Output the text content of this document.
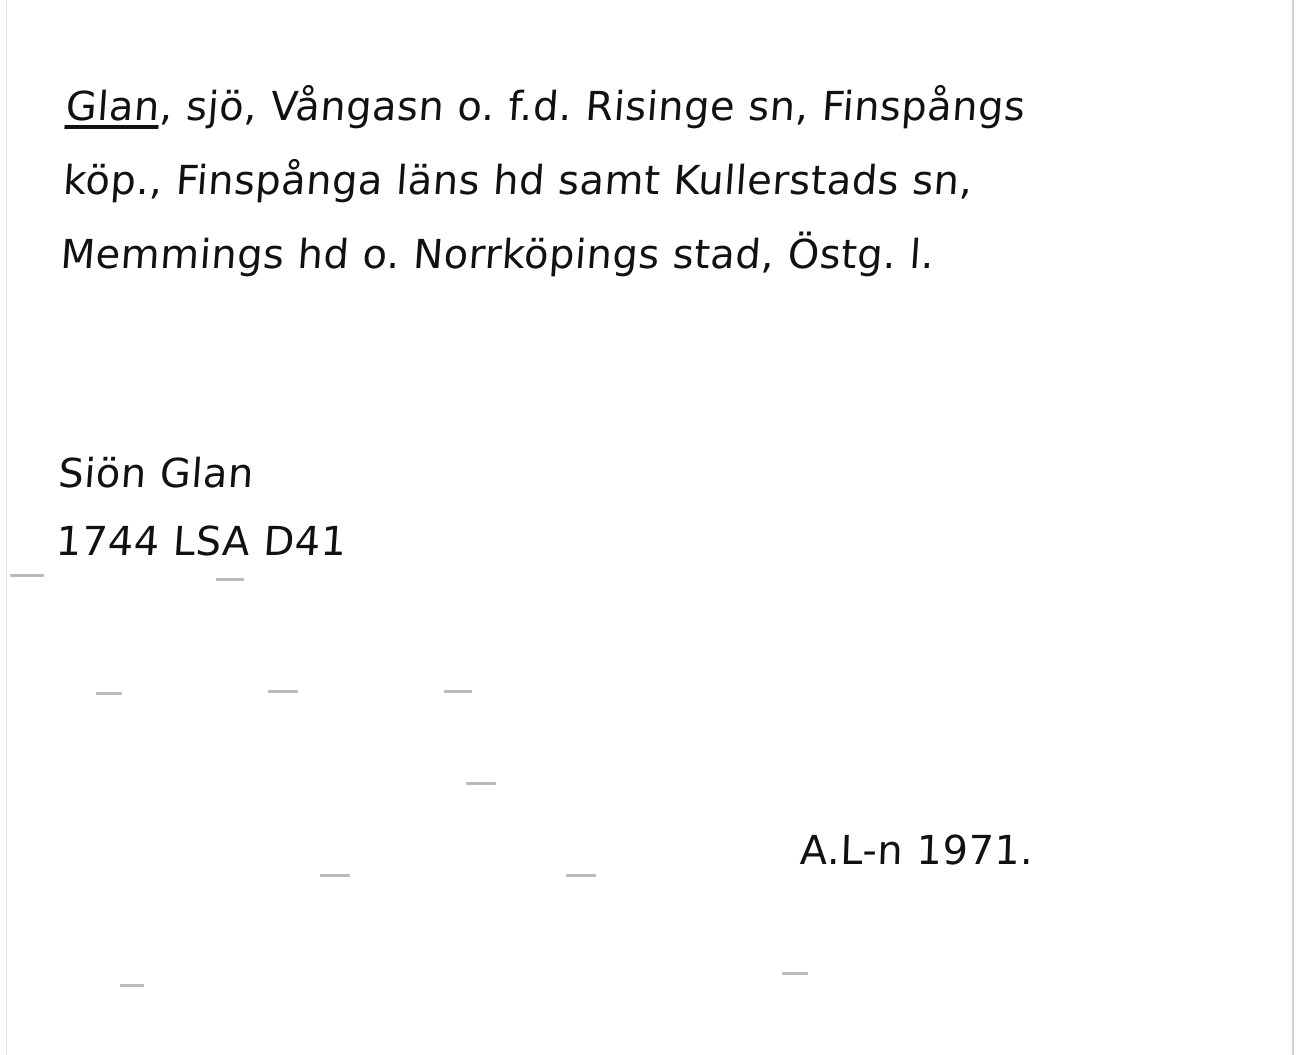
Glan, sjö, Vångasn o. f.d. Risinge sn, Finspångs
köp., Finspånga läns hd samt Kullerstads sn,
Memmings hd o. Norrköpings stad, Östg. l.
Siön Glan
1744 LSA D41
A.L-n 1971.
